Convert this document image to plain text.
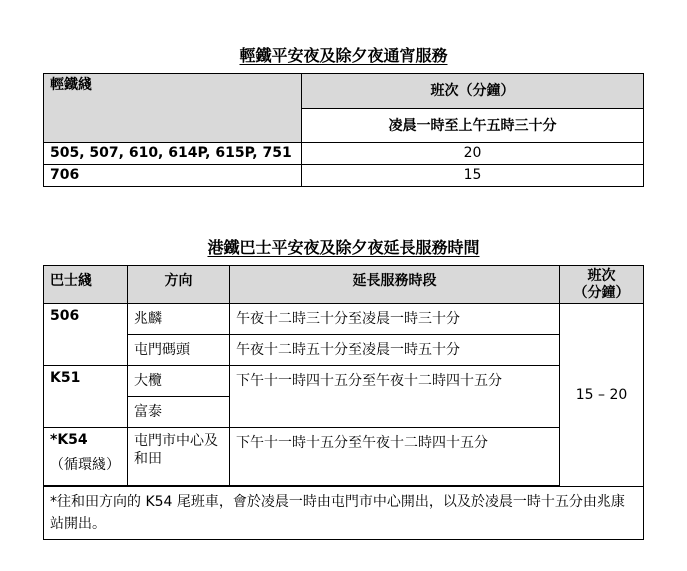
輕鐵平安夜及除夕夜通宵服務
輕鐵綫	班次（分鐘）
	凌晨一時至上午五時三十分
505, 507, 610, 614P, 615P, 751	20
706	15
港鐵巴士平安夜及除夕夜延長服務時間
巴士綫	方向	延長服務時段	班次
（分鐘）
506	兆麟	午夜十二時三十分至凌晨一時三十分	15 – 20
	屯門碼頭	午夜十二時五十分至凌晨一時五十分	
K51	大欖	下午十一時四十五分至午夜十二時四十五分	
	富泰		
*K54
（循環綫）	屯門市中心及和田	下午十一時十五分至午夜十二時四十五分	

*往和田方向的 K54 尾班車，會於凌晨一時由屯門市中心開出，以及於凌晨一時十五分由兆康站開出。			
